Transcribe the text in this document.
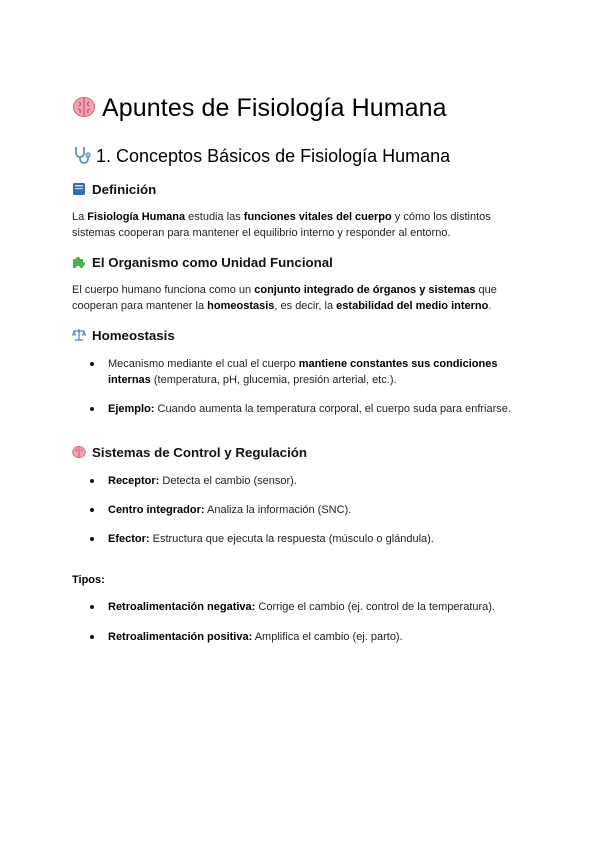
Apuntes de Fisiología Humana
1. Conceptos Básicos de Fisiología Humana
Definición
La Fisiología Humana estudia las funciones vitales del cuerpo y cómo los distintos sistemas cooperan para mantener el equilibrio interno y responder al entorno.
El Organismo como Unidad Funcional
El cuerpo humano funciona como un conjunto integrado de órganos y sistemas que cooperan para mantener la homeostasis, es decir, la estabilidad del medio interno.
Homeostasis
Mecanismo mediante el cual el cuerpo mantiene constantes sus condiciones internas (temperatura, pH, glucemia, presión arterial, etc.).
Ejemplo: Cuando aumenta la temperatura corporal, el cuerpo suda para enfriarse.
Sistemas de Control y Regulación
Receptor: Detecta el cambio (sensor).
Centro integrador: Analiza la información (SNC).
Efector: Estructura que ejecuta la respuesta (músculo o glándula).
Tipos:
Retroalimentación negativa: Corrige el cambio (ej. control de la temperatura).
Retroalimentación positiva: Amplifica el cambio (ej. parto).
